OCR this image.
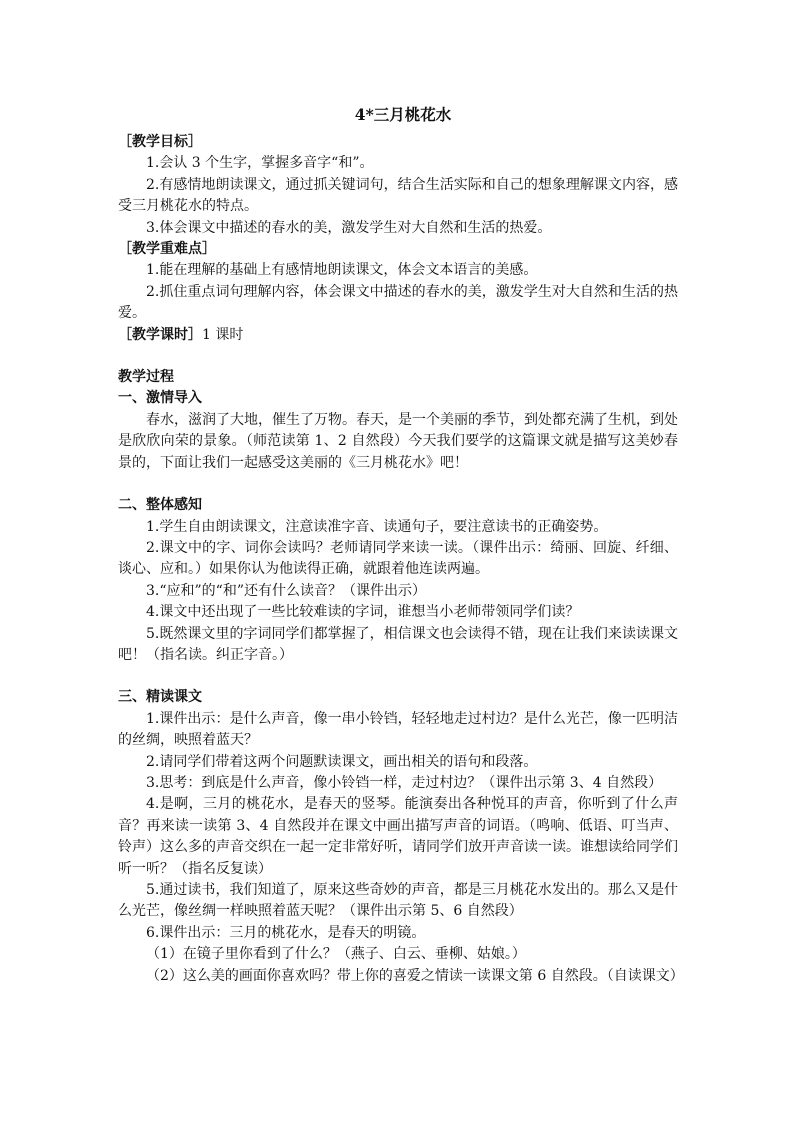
4*三月桃花水

［教学目标］

1.会认 3 个生字，掌握多音字“和”。

2.有感情地朗读课文，通过抓关键词句，结合生活实际和自己的想象理解课文内容，感受三月桃花水的特点。

3.体会课文中描述的春水的美，激发学生对大自然和生活的热爱。

［教学重难点］

1.能在理解的基础上有感情地朗读课文，体会文本语言的美感。

2.抓住重点词句理解内容，体会课文中描述的春水的美，激发学生对大自然和生活的热爱。

［教学课时］1 课时

教学过程

一、激情导入

春水，滋润了大地，催生了万物。春天，是一个美丽的季节，到处都充满了生机，到处是欣欣向荣的景象。（师范读第 1、2 自然段）今天我们要学的这篇课文就是描写这美妙春景的，下面让我们一起感受这美丽的《三月桃花水》吧！

二、整体感知

1.学生自由朗读课文，注意读准字音、读通句子，要注意读书的正确姿势。

2.课文中的字、词你会读吗？老师请同学来读一读。（课件出示：绮丽、回旋、纤细、谈心、应和。）如果你认为他读得正确，就跟着他连读两遍。

3.“应和”的“和”还有什么读音？（课件出示）

4.课文中还出现了一些比较难读的字词，谁想当小老师带领同学们读？

5.既然课文里的字词同学们都掌握了，相信课文也会读得不错，现在让我们来读读课文吧！（指名读。纠正字音。）

三、精读课文

1.课件出示：是什么声音，像一串小铃铛，轻轻地走过村边？是什么光芒，像一匹明洁的丝绸，映照着蓝天？

2.请同学们带着这两个问题默读课文，画出相关的语句和段落。

3.思考：到底是什么声音，像小铃铛一样，走过村边？（课件出示第 3、4 自然段）

4.是啊，三月的桃花水，是春天的竖琴。能演奏出各种悦耳的声音，你听到了什么声音？再来读一读第 3、4 自然段并在课文中画出描写声音的词语。（鸣响、低语、叮当声、铃声）这么多的声音交织在一起一定非常好听，请同学们放开声音读一读。谁想读给同学们听一听？（指名反复读）

5.通过读书，我们知道了，原来这些奇妙的声音，都是三月桃花水发出的。那么又是什么光芒，像丝绸一样映照着蓝天呢？（课件出示第 5、6 自然段）

6.课件出示：三月的桃花水，是春天的明镜。

（1）在镜子里你看到了什么？（燕子、白云、垂柳、姑娘。）

（2）这么美的画面你喜欢吗？带上你的喜爱之情读一读课文第 6 自然段。（自读课文）
